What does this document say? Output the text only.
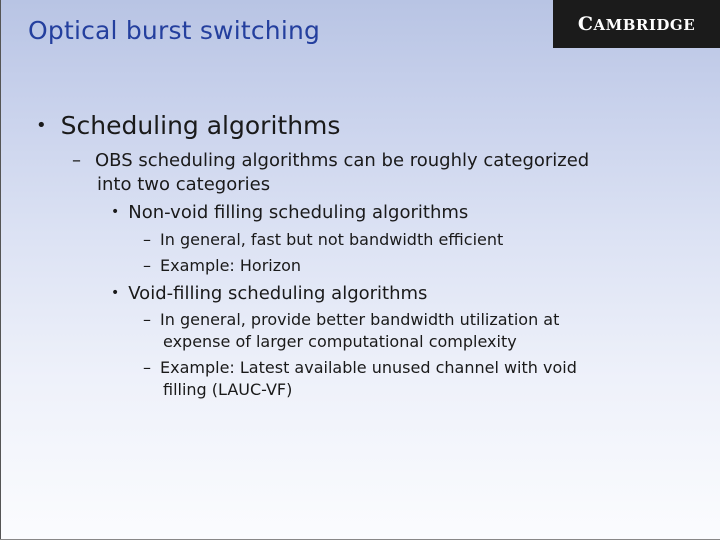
Optical burst switching	CAMBRIDGE
• Scheduling algorithms
– OBS scheduling algorithms can be roughly categorized
into two categories
• Non-void filling scheduling algorithms
– In general, fast but not bandwidth efficient
– Example: Horizon
• Void-filling scheduling algorithms
– In general, provide better bandwidth utilization at
expense of larger computational complexity
– Example: Latest available unused channel with void
filling (LAUC-VF)
